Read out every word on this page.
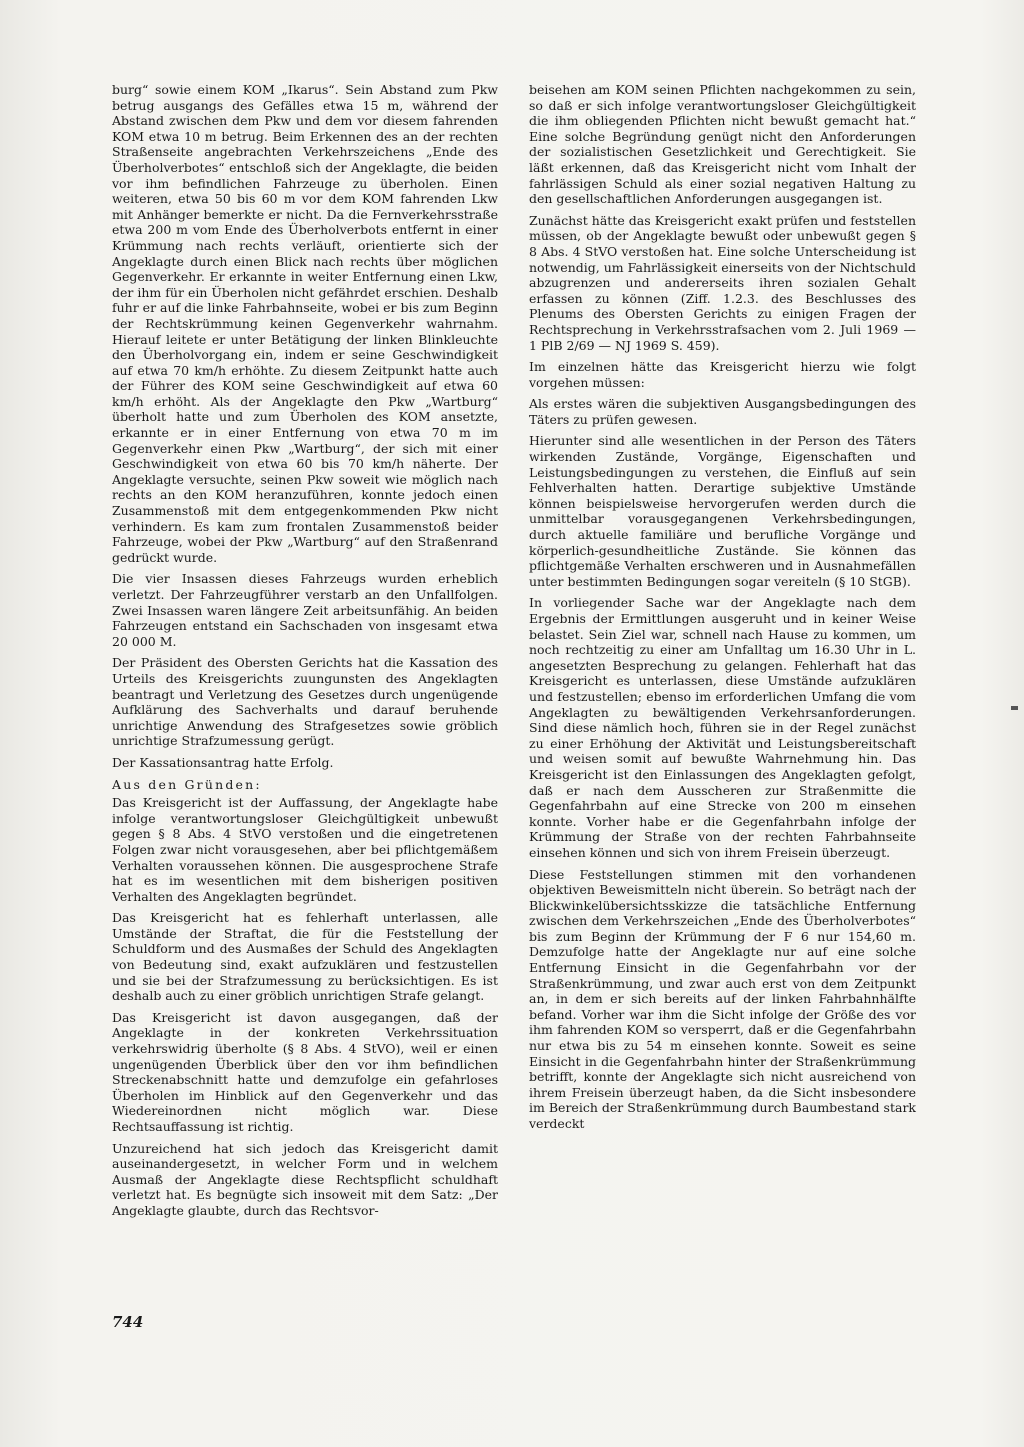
burg“ sowie einem KOM „Ikarus“. Sein Abstand zum Pkw betrug ausgangs des Gefälles etwa 15 m, während der Abstand zwischen dem Pkw und dem vor diesem fahrenden KOM etwa 10 m betrug. Beim Erkennen des an der rechten Straßenseite angebrachten Verkehrszeichens „Ende des Überholverbotes“ entschloß sich der Angeklagte, die beiden vor ihm befindlichen Fahrzeuge zu überholen. Einen weiteren, etwa 50 bis 60 m vor dem KOM fahrenden Lkw mit Anhänger bemerkte er nicht. Da die Fernverkehrsstraße etwa 200 m vom Ende des Überholverbots entfernt in einer Krümmung nach rechts verläuft, orientierte sich der Angeklagte durch einen Blick nach rechts über möglichen Gegenverkehr. Er erkannte in weiter Entfernung einen Lkw, der ihm für ein Überholen nicht gefährdet erschien. Deshalb fuhr er auf die linke Fahrbahnseite, wobei er bis zum Beginn der Rechtskrümmung keinen Gegenverkehr wahrnahm. Hierauf leitete er unter Betätigung der linken Blinkleuchte den Überholvorgang ein, indem er seine Geschwindigkeit auf etwa 70 km/h erhöhte. Zu diesem Zeitpunkt hatte auch der Führer des KOM seine Geschwindigkeit auf etwa 60 km/h erhöht. Als der Angeklagte den Pkw „Wartburg“ überholt hatte und zum Überholen des KOM ansetzte, erkannte er in einer Entfernung von etwa 70 m im Gegenverkehr einen Pkw „Wartburg“, der sich mit einer Geschwindigkeit von etwa 60 bis 70 km/h näherte. Der Angeklagte versuchte, seinen Pkw soweit wie möglich nach rechts an den KOM heranzuführen, konnte jedoch einen Zusammenstoß mit dem entgegenkommenden Pkw nicht verhindern. Es kam zum frontalen Zusammenstoß beider Fahrzeuge, wobei der Pkw „Wartburg“ auf den Straßenrand gedrückt wurde.

Die vier Insassen dieses Fahrzeugs wurden erheblich verletzt. Der Fahrzeugführer verstarb an den Unfallfolgen. Zwei Insassen waren längere Zeit arbeitsunfähig. An beiden Fahrzeugen entstand ein Sachschaden von insgesamt etwa 20 000 M.

Der Präsident des Obersten Gerichts hat die Kassation des Urteils des Kreisgerichts zuungunsten des Angeklagten beantragt und Verletzung des Gesetzes durch ungenügende Aufklärung des Sachverhalts und darauf beruhende unrichtige Anwendung des Strafgesetzes sowie gröblich unrichtige Strafzumessung gerügt.

Der Kassationsantrag hatte Erfolg.

Aus den Gründen:

Das Kreisgericht ist der Auffassung, der Angeklagte habe infolge verantwortungsloser Gleichgültigkeit unbewußt gegen § 8 Abs. 4 StVO verstoßen und die eingetretenen Folgen zwar nicht vorausgesehen, aber bei pflichtgemäßem Verhalten voraussehen können. Die ausgesprochene Strafe hat es im wesentlichen mit dem bisherigen positiven Verhalten des Angeklagten begründet.

Das Kreisgericht hat es fehlerhaft unterlassen, alle Umstände der Straftat, die für die Feststellung der Schuldform und des Ausmaßes der Schuld des Angeklagten von Bedeutung sind, exakt aufzuklären und festzustellen und sie bei der Strafzumessung zu berücksichtigen. Es ist deshalb auch zu einer gröblich unrichtigen Strafe gelangt.

Das Kreisgericht ist davon ausgegangen, daß der Angeklagte in der konkreten Verkehrssituation verkehrswidrig überholte (§ 8 Abs. 4 StVO), weil er einen ungenügenden Überblick über den vor ihm befindlichen Streckenabschnitt hatte und demzufolge ein gefahrloses Überholen im Hinblick auf den Gegenverkehr und das Wiedereinordnen nicht möglich war. Diese Rechtsauffassung ist richtig.

Unzureichend hat sich jedoch das Kreisgericht damit auseinandergesetzt, in welcher Form und in welchem Ausmaß der Angeklagte diese Rechtspflicht schuldhaft verletzt hat. Es begnügte sich insoweit mit dem Satz: „Der Angeklagte glaubte, durch das Rechtsvor-

beisehen am KOM seinen Pflichten nachgekommen zu sein, so daß er sich infolge verantwortungsloser Gleichgültigkeit die ihm obliegenden Pflichten nicht bewußt gemacht hat.“ Eine solche Begründung genügt nicht den Anforderungen der sozialistischen Gesetzlichkeit und Gerechtigkeit. Sie läßt erkennen, daß das Kreisgericht nicht vom Inhalt der fahrlässigen Schuld als einer sozial negativen Haltung zu den gesellschaftlichen Anforderungen ausgegangen ist.

Zunächst hätte das Kreisgericht exakt prüfen und feststellen müssen, ob der Angeklagte bewußt oder unbewußt gegen § 8 Abs. 4 StVO verstoßen hat. Eine solche Unterscheidung ist notwendig, um Fahrlässigkeit einerseits von der Nichtschuld abzugrenzen und andererseits ihren sozialen Gehalt erfassen zu können (Ziff. 1.2.3. des Beschlusses des Plenums des Obersten Gerichts zu einigen Fragen der Rechtsprechung in Verkehrsstrafsachen vom 2. Juli 1969 — 1 PlB 2/69 — NJ 1969 S. 459).

Im einzelnen hätte das Kreisgericht hierzu wie folgt vorgehen müssen:

Als erstes wären die subjektiven Ausgangsbedingungen des Täters zu prüfen gewesen.

Hierunter sind alle wesentlichen in der Person des Täters wirkenden Zustände, Vorgänge, Eigenschaften und Leistungsbedingungen zu verstehen, die Einfluß auf sein Fehlverhalten hatten. Derartige subjektive Umstände können beispielsweise hervorgerufen werden durch die unmittelbar vorausgegangenen Verkehrsbedingungen, durch aktuelle familiäre und berufliche Vorgänge und körperlich-gesundheitliche Zustände. Sie können das pflichtgemäße Verhalten erschweren und in Ausnahmefällen unter bestimmten Bedingungen sogar vereiteln (§ 10 StGB).

In vorliegender Sache war der Angeklagte nach dem Ergebnis der Ermittlungen ausgeruht und in keiner Weise belastet. Sein Ziel war, schnell nach Hause zu kommen, um noch rechtzeitig zu einer am Unfalltag um 16.30 Uhr in L. angesetzten Besprechung zu gelangen. Fehlerhaft hat das Kreisgericht es unterlassen, diese Umstände aufzuklären und festzustellen; ebenso im erforderlichen Umfang die vom Angeklagten zu bewältigenden Verkehrsanforderungen. Sind diese nämlich hoch, führen sie in der Regel zunächst zu einer Erhöhung der Aktivität und Leistungsbereitschaft und weisen somit auf bewußte Wahrnehmung hin. Das Kreisgericht ist den Einlassungen des Angeklagten gefolgt, daß er nach dem Ausscheren zur Straßenmitte die Gegenfahrbahn auf eine Strecke von 200 m einsehen konnte. Vorher habe er die Gegenfahrbahn infolge der Krümmung der Straße von der rechten Fahrbahnseite einsehen können und sich von ihrem Freisein überzeugt.

Diese Feststellungen stimmen mit den vorhandenen objektiven Beweismitteln nicht überein. So beträgt nach der Blickwinkelübersichtsskizze die tatsächliche Entfernung zwischen dem Verkehrszeichen „Ende des Überholverbotes“ bis zum Beginn der Krümmung der F 6 nur 154,60 m. Demzufolge hatte der Angeklagte nur auf eine solche Entfernung Einsicht in die Gegenfahrbahn vor der Straßenkrümmung, und zwar auch erst von dem Zeitpunkt an, in dem er sich bereits auf der linken Fahrbahnhälfte befand. Vorher war ihm die Sicht infolge der Größe des vor ihm fahrenden KOM so versperrt, daß er die Gegenfahrbahn nur etwa bis zu 54 m einsehen konnte. Soweit es seine Einsicht in die Gegenfahrbahn hinter der Straßenkrümmung betrifft, konnte der Angeklagte sich nicht ausreichend von ihrem Freisein überzeugt haben, da die Sicht insbesondere im Bereich der Straßenkrümmung durch Baumbestand stark verdeckt

744
